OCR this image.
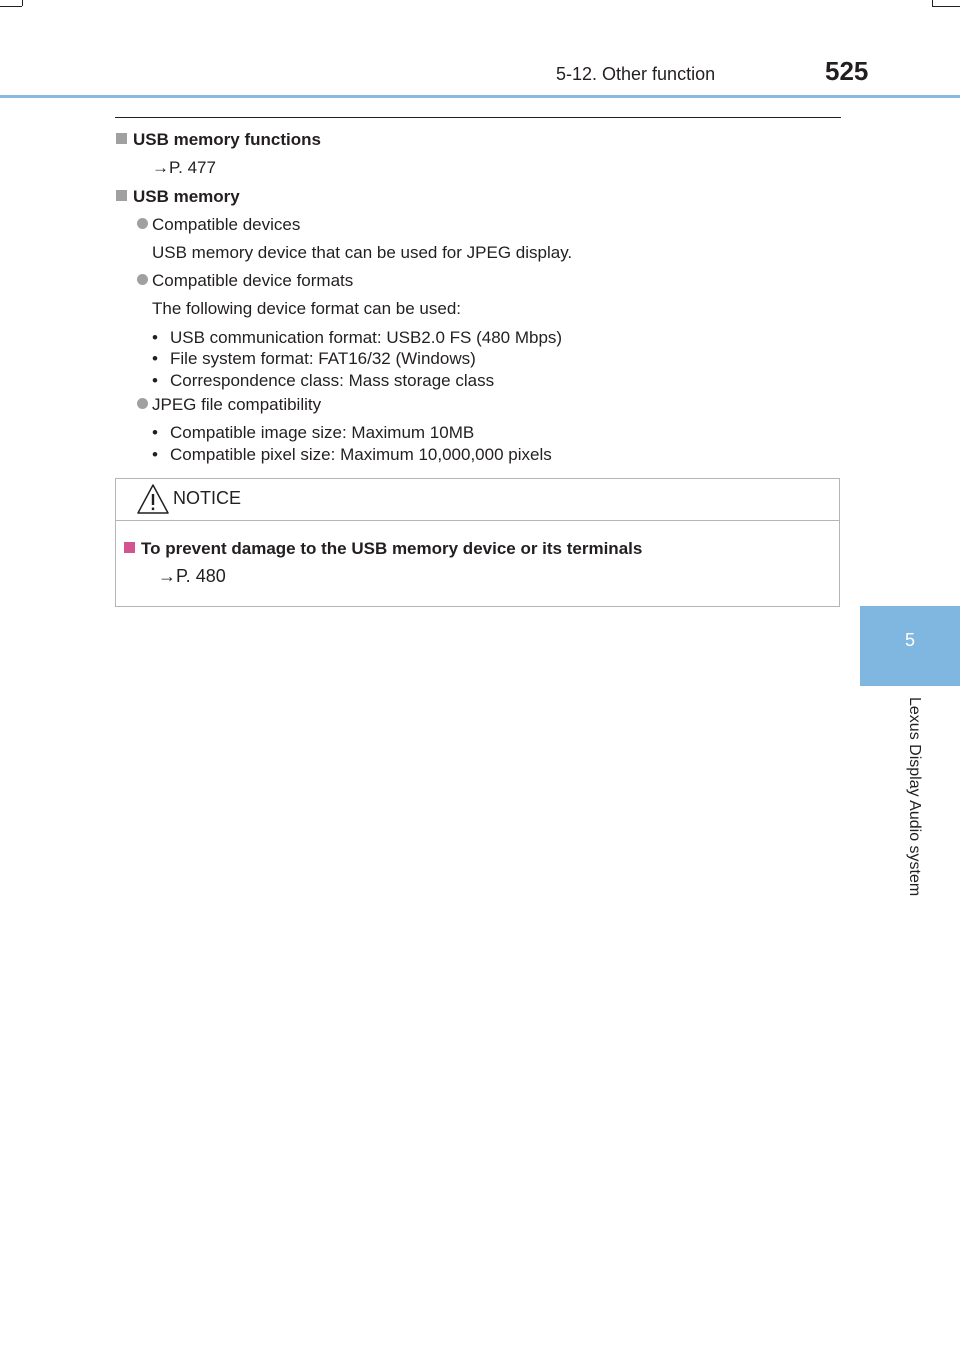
5-12. Other function	525
5
Lexus Display Audio system
USB memory functions
→P. 477
USB memory
Compatible devices
USB memory device that can be used for JPEG display.
Compatible device formats
The following device format can be used:
• USB communication format: USB2.0 FS (480 Mbps)
• File system format: FAT16/32 (Windows)
• Correspondence class: Mass storage class
JPEG file compatibility
• Compatible image size: Maximum 10MB
• Compatible pixel size: Maximum 10,000,000 pixels
NOTICE
To prevent damage to the USB memory device or its terminals
→P. 480
